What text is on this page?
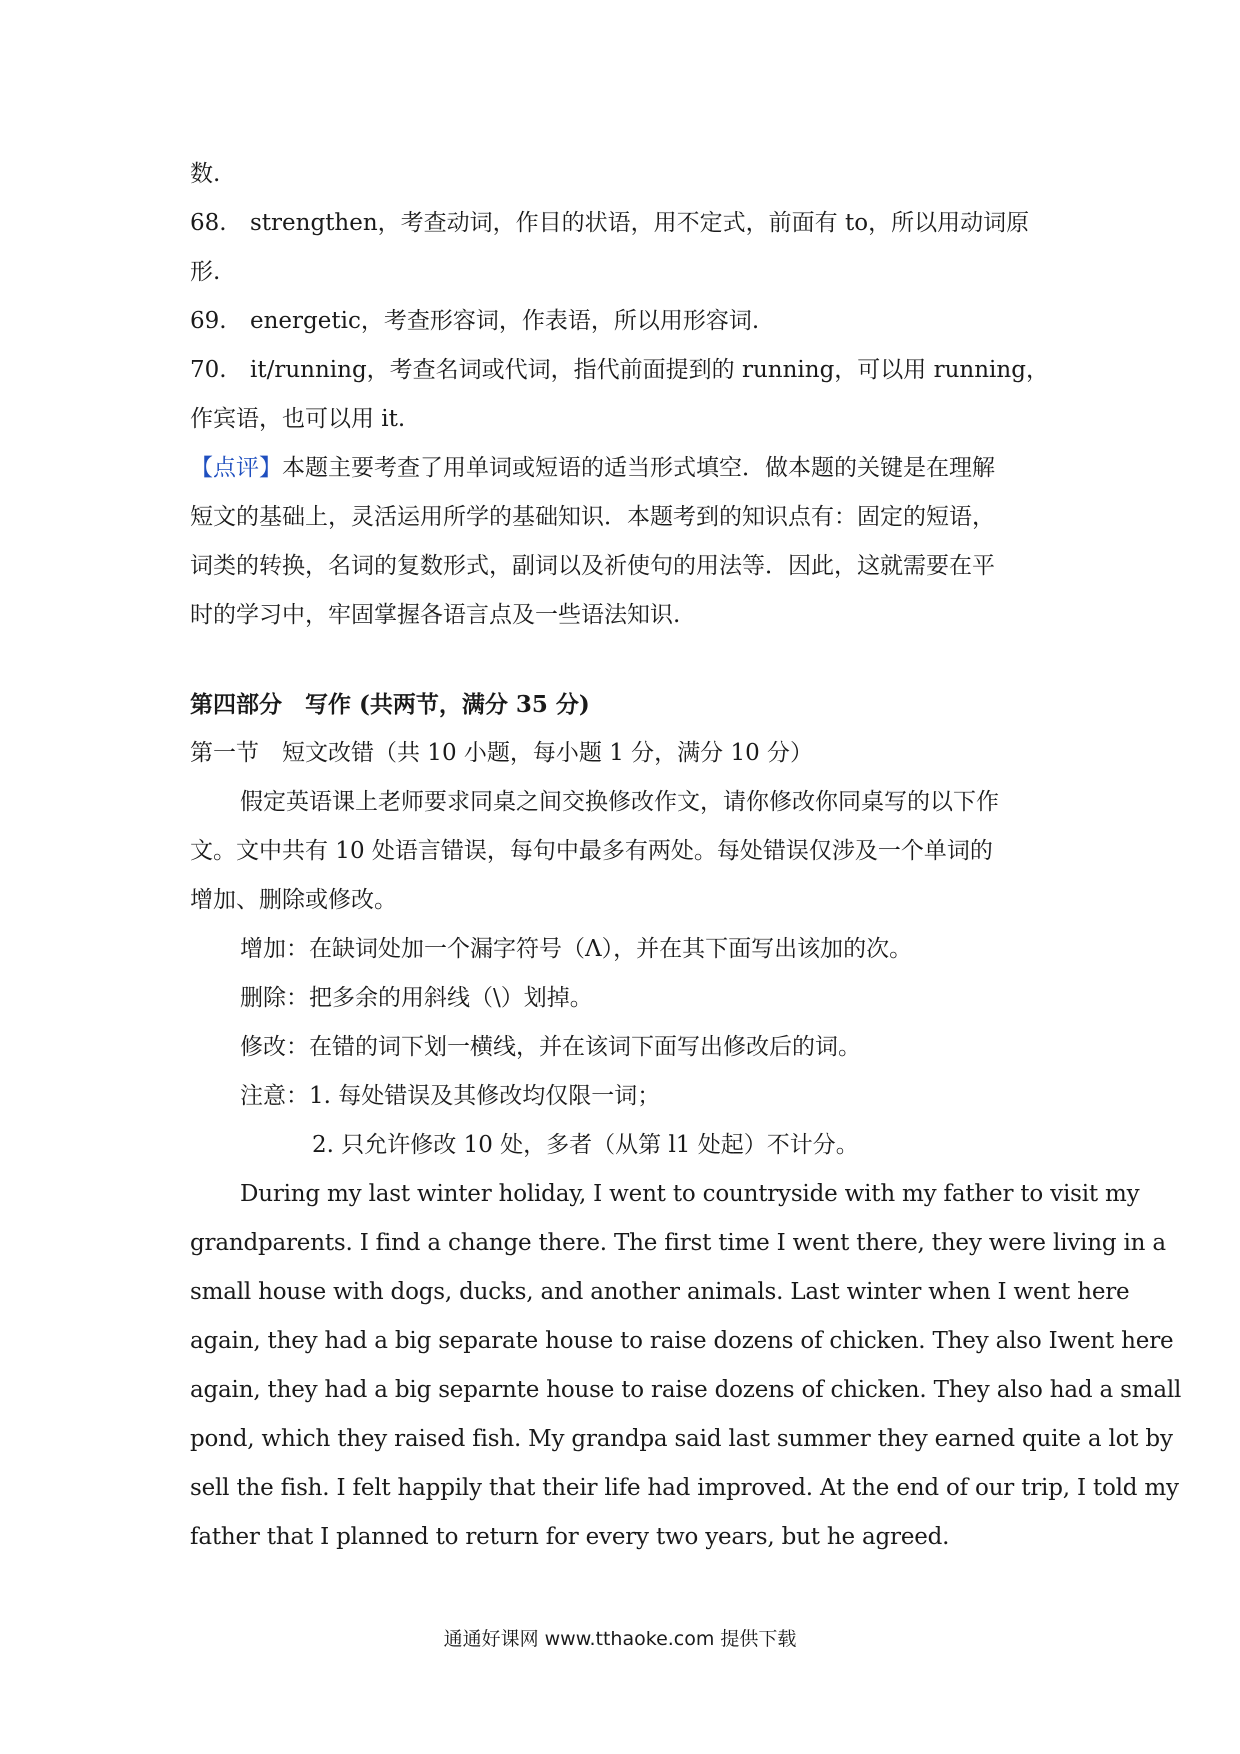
数.
68. strengthen，考查动词，作目的状语，用不定式，前面有 to，所以用动词原
形.
69. energetic，考查形容词，作表语，所以用形容词.
70. it/running，考查名词或代词，指代前面提到的 running，可以用 running，
作宾语，也可以用 it.
【点评】本题主要考查了用单词或短语的适当形式填空．做本题的关键是在理解
短文的基础上，灵活运用所学的基础知识．本题考到的知识点有：固定的短语，
词类的转换，名词的复数形式，副词以及祈使句的用法等．因此，这就需要在平
时的学习中，牢固掌握各语言点及一些语法知识.
第四部分　写作 (共两节，满分 35 分)
第一节　短文改错（共 10 小题，每小题 1 分，满分 10 分）
假定英语课上老师要求同桌之间交换修改作文，请你修改你同桌写的以下作
文。文中共有 10 处语言错误，每句中最多有两处。每处错误仅涉及一个单词的
增加、删除或修改。
增加：在缺词处加一个漏字符号（Λ），并在其下面写出该加的次。
删除：把多余的用斜线（\）划掉。
修改：在错的词下划一横线，并在该词下面写出修改后的词。
注意：1. 每处错误及其修改均仅限一词；
2. 只允许修改 10 处，多者（从第 l1 处起）不计分。
During my last winter holiday, I went to countryside with my father to visit my
grandparents. I find a change there. The first time I went there, they were living in a
small house with dogs, ducks, and another animals. Last winter when I went here
again, they had a big separate house to raise dozens of chicken. They also Iwent here
again, they had a big separnte house to raise dozens of chicken. They also had a small
pond, which they raised fish. My grandpa said last summer they earned quite a lot by
sell the fish. I felt happily that their life had improved. At the end of our trip, I told my
father that I planned to return for every two years, but he agreed.
通通好课网 www.tthaoke.com 提供下载
